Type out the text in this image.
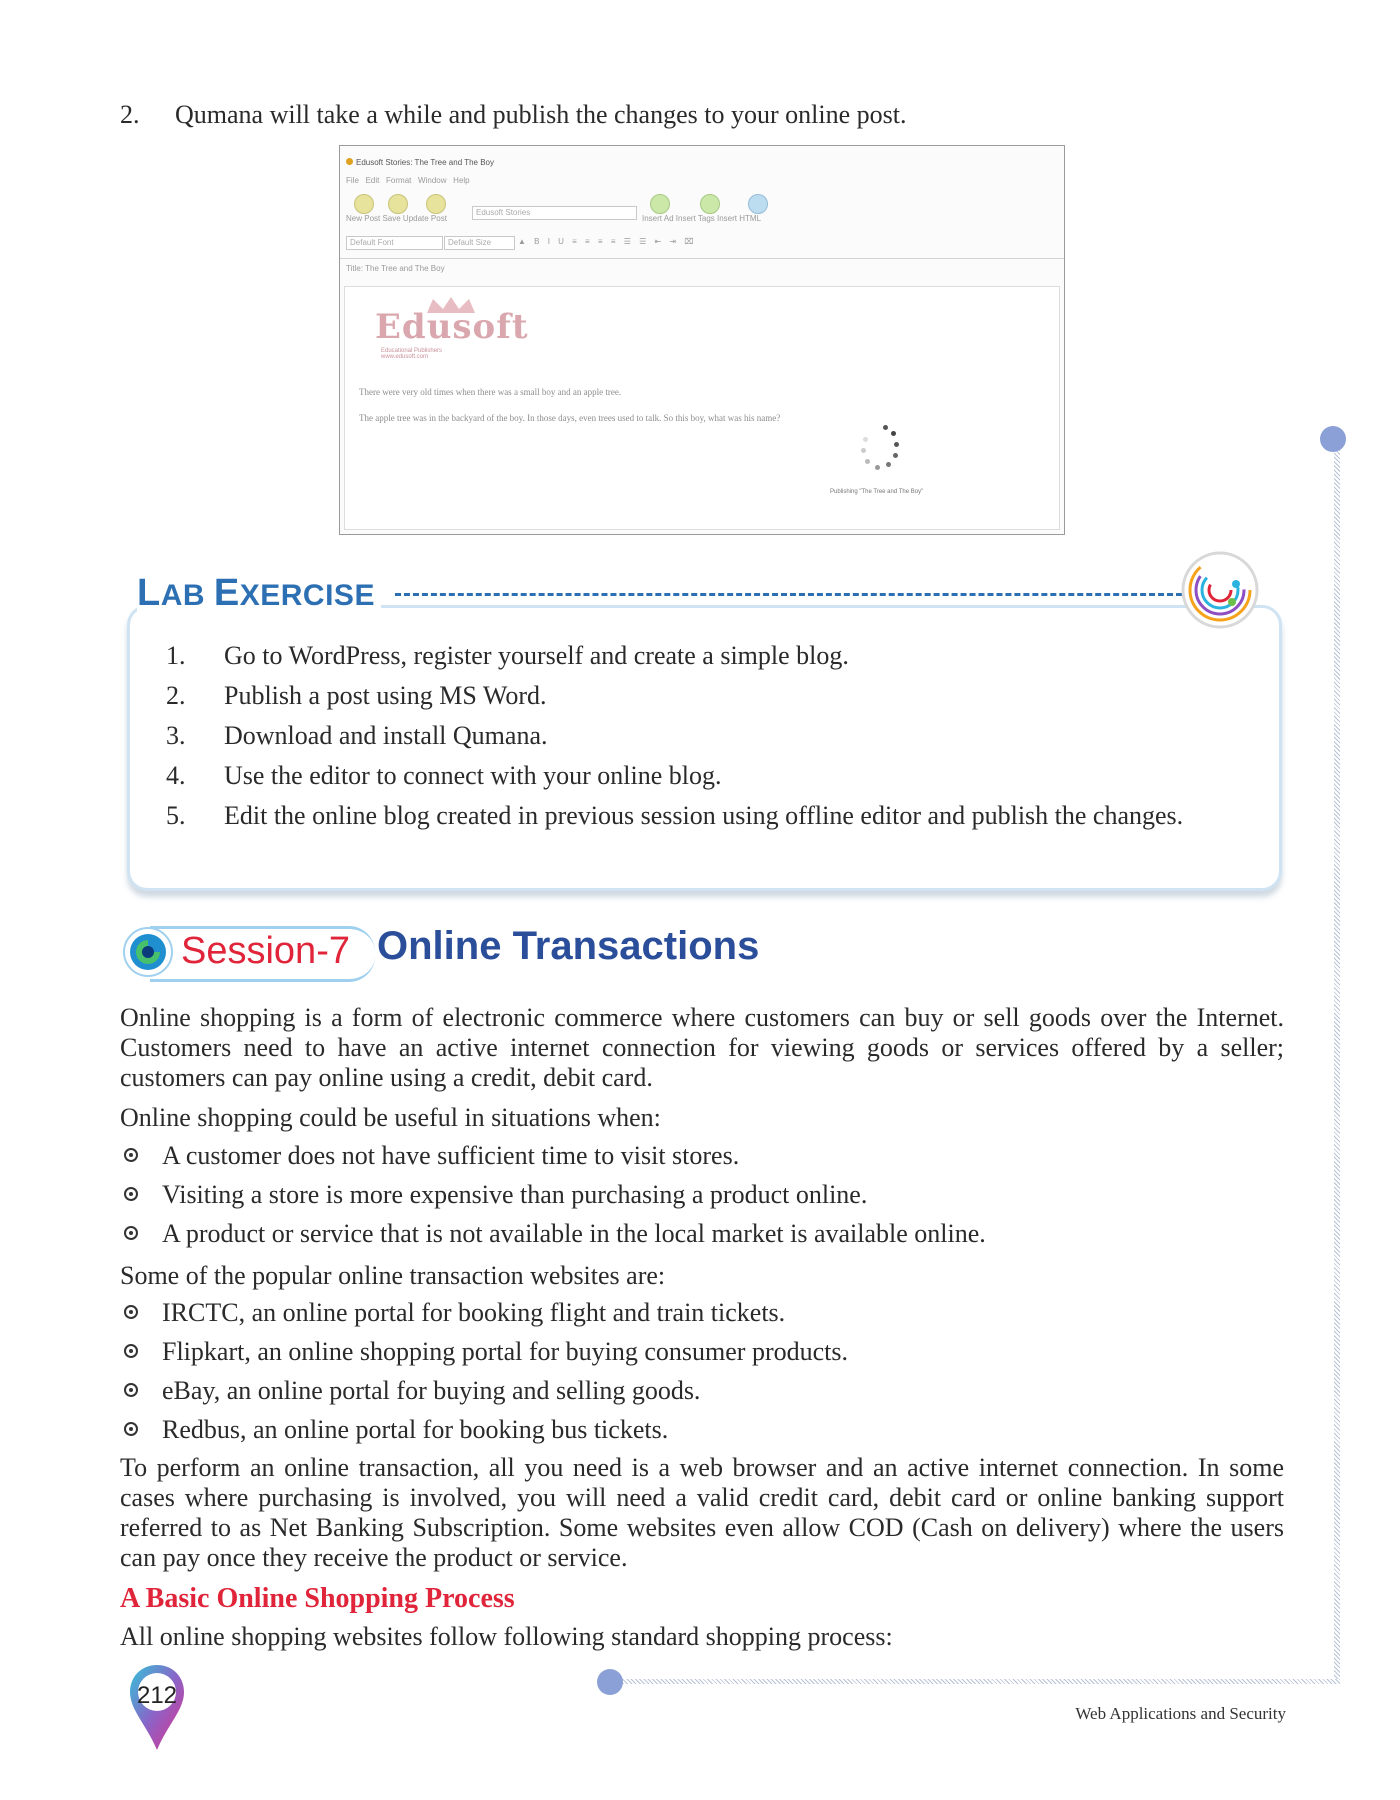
2. Qumana will take a while and publish the changes to your online post.
Edusoft Stories: The Tree and The Boy
File Edit Format Window Help
New Post Save Update Post
Edusoft Stories
Insert Ad Insert Tags Insert HTML
Default Font	Default Size	▲ B I U ≡ ≡ ≡ ≡ ☰ ☰ ⇤ ⇥ ⌧
Title: The Tree and The Boy
Edusoft
Educational Publishers
www.edusoft.com
There were very old times when there was a small boy and an apple tree.
The apple tree was in the backyard of the boy. In those days, even trees used to talk. So this boy, what was his name?
Publishing "The Tree and The Boy"
LAB EXERCISE
1. Go to WordPress, register yourself and create a simple blog.
2. Publish a post using MS Word.
3. Download and install Qumana.
4. Use the editor to connect with your online blog.
5. Edit the online blog created in previous session using offline editor and publish the changes.
Session-7 Online Transactions
Online shopping is a form of electronic commerce where customers can buy or sell goods over the Internet. Customers need to have an active internet connection for viewing goods or services offered by a seller; customers can pay online using a credit, debit card.
Online shopping could be useful in situations when:
A customer does not have sufficient time to visit stores.
Visiting a store is more expensive than purchasing a product online.
A product or service that is not available in the local market is available online.
Some of the popular online transaction websites are:
IRCTC, an online portal for booking flight and train tickets.
Flipkart, an online shopping portal for buying consumer products.
eBay, an online portal for buying and selling goods.
Redbus, an online portal for booking bus tickets.
To perform an online transaction, all you need is a web browser and an active internet connection. In some cases where purchasing is involved, you will need a valid credit card, debit card or online banking support referred to as Net Banking Subscription. Some websites even allow COD (Cash on delivery) where the users can pay once they receive the product or service.
A Basic Online Shopping Process
All online shopping websites follow following standard shopping process:
212
Web Applications and Security
